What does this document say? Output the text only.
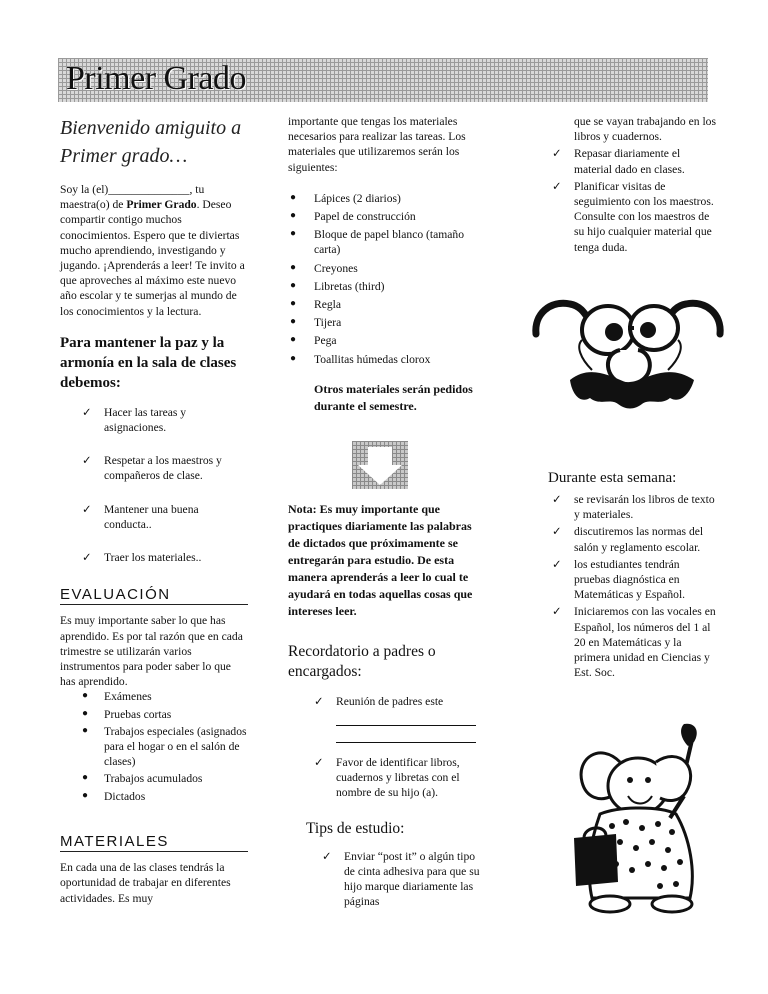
Primer Grado
Bienvenido amiguito a Primer grado…

Soy la (el)______________, tu maestra(o) de Primer Grado. Deseo compartir contigo muchos conocimientos. Espero que te diviertas mucho aprendiendo, investigando y jugando. ¡Aprenderás a leer! Te invito a que aproveches al máximo este nuevo año escolar y te sumerjas al mundo de los conocimientos y la lectura.

Para mantener la paz y la armonía en la sala de clases debemos:
✓ Hacer las tareas y asignaciones.
✓ Respetar a los maestros y compañeros de clase.
✓ Mantener una buena conducta..
✓ Traer los materiales..
EVALUACIÓN

Es muy importante saber lo que has aprendido. Es por tal razón que en cada trimestre se utilizarán varios instrumentos para poder saber lo que has aprendido.

● Exámenes
● Pruebas cortas
● Trabajos especiales (asignados para el hogar o en el salón de clases)
● Trabajos acumulados
● Dictados
MATERIALES

En cada una de las clases tendrás la oportunidad de trabajar en diferentes actividades. Es muy

importante que tengas los materiales necesarios para realizar las tareas. Los materiales que utilizaremos serán los siguientes:

● Lápices (2 diarios)
● Papel de construcción
● Bloque de papel blanco (tamaño carta)
● Creyones
● Libretas (third)
● Regla
● Tijera
● Pega
● Toallitas húmedas clorox

Otros materiales serán pedidos durante el semestre.

Nota: Es muy importante que practiques diariamente las palabras de dictados que próximamente se entregarán para estudio. De esta manera aprenderás a leer lo cual te ayudará en todas aquellas cosas que intereses leer.

Recordatorio a padres o encargados:
✓ Reunión de padres este
✓ Favor de identificar libros, cuadernos y libretas con el nombre de su hijo (a).
Tips de estudio:
✓ Enviar “post it” o algún tipo de cinta adhesiva para que su hijo marque diariamente las páginas
que se vayan trabajando en los libros y cuadernos.
✓ Repasar diariamente el material dado en clases.
✓ Planificar visitas de seguimiento con los maestros. Consulte con los maestros de su hijo cualquier material que tenga duda.
Durante esta semana:
✓ se revisarán los libros de texto y materiales.
✓ discutiremos las normas del salón y reglamento escolar.
✓ los estudiantes tendrán pruebas diagnóstica en Matemáticas y Español.
✓ Iniciaremos con las vocales en Español, los números del 1 al 20 en Matemáticas y la primera unidad en Ciencias y Est. Soc.
